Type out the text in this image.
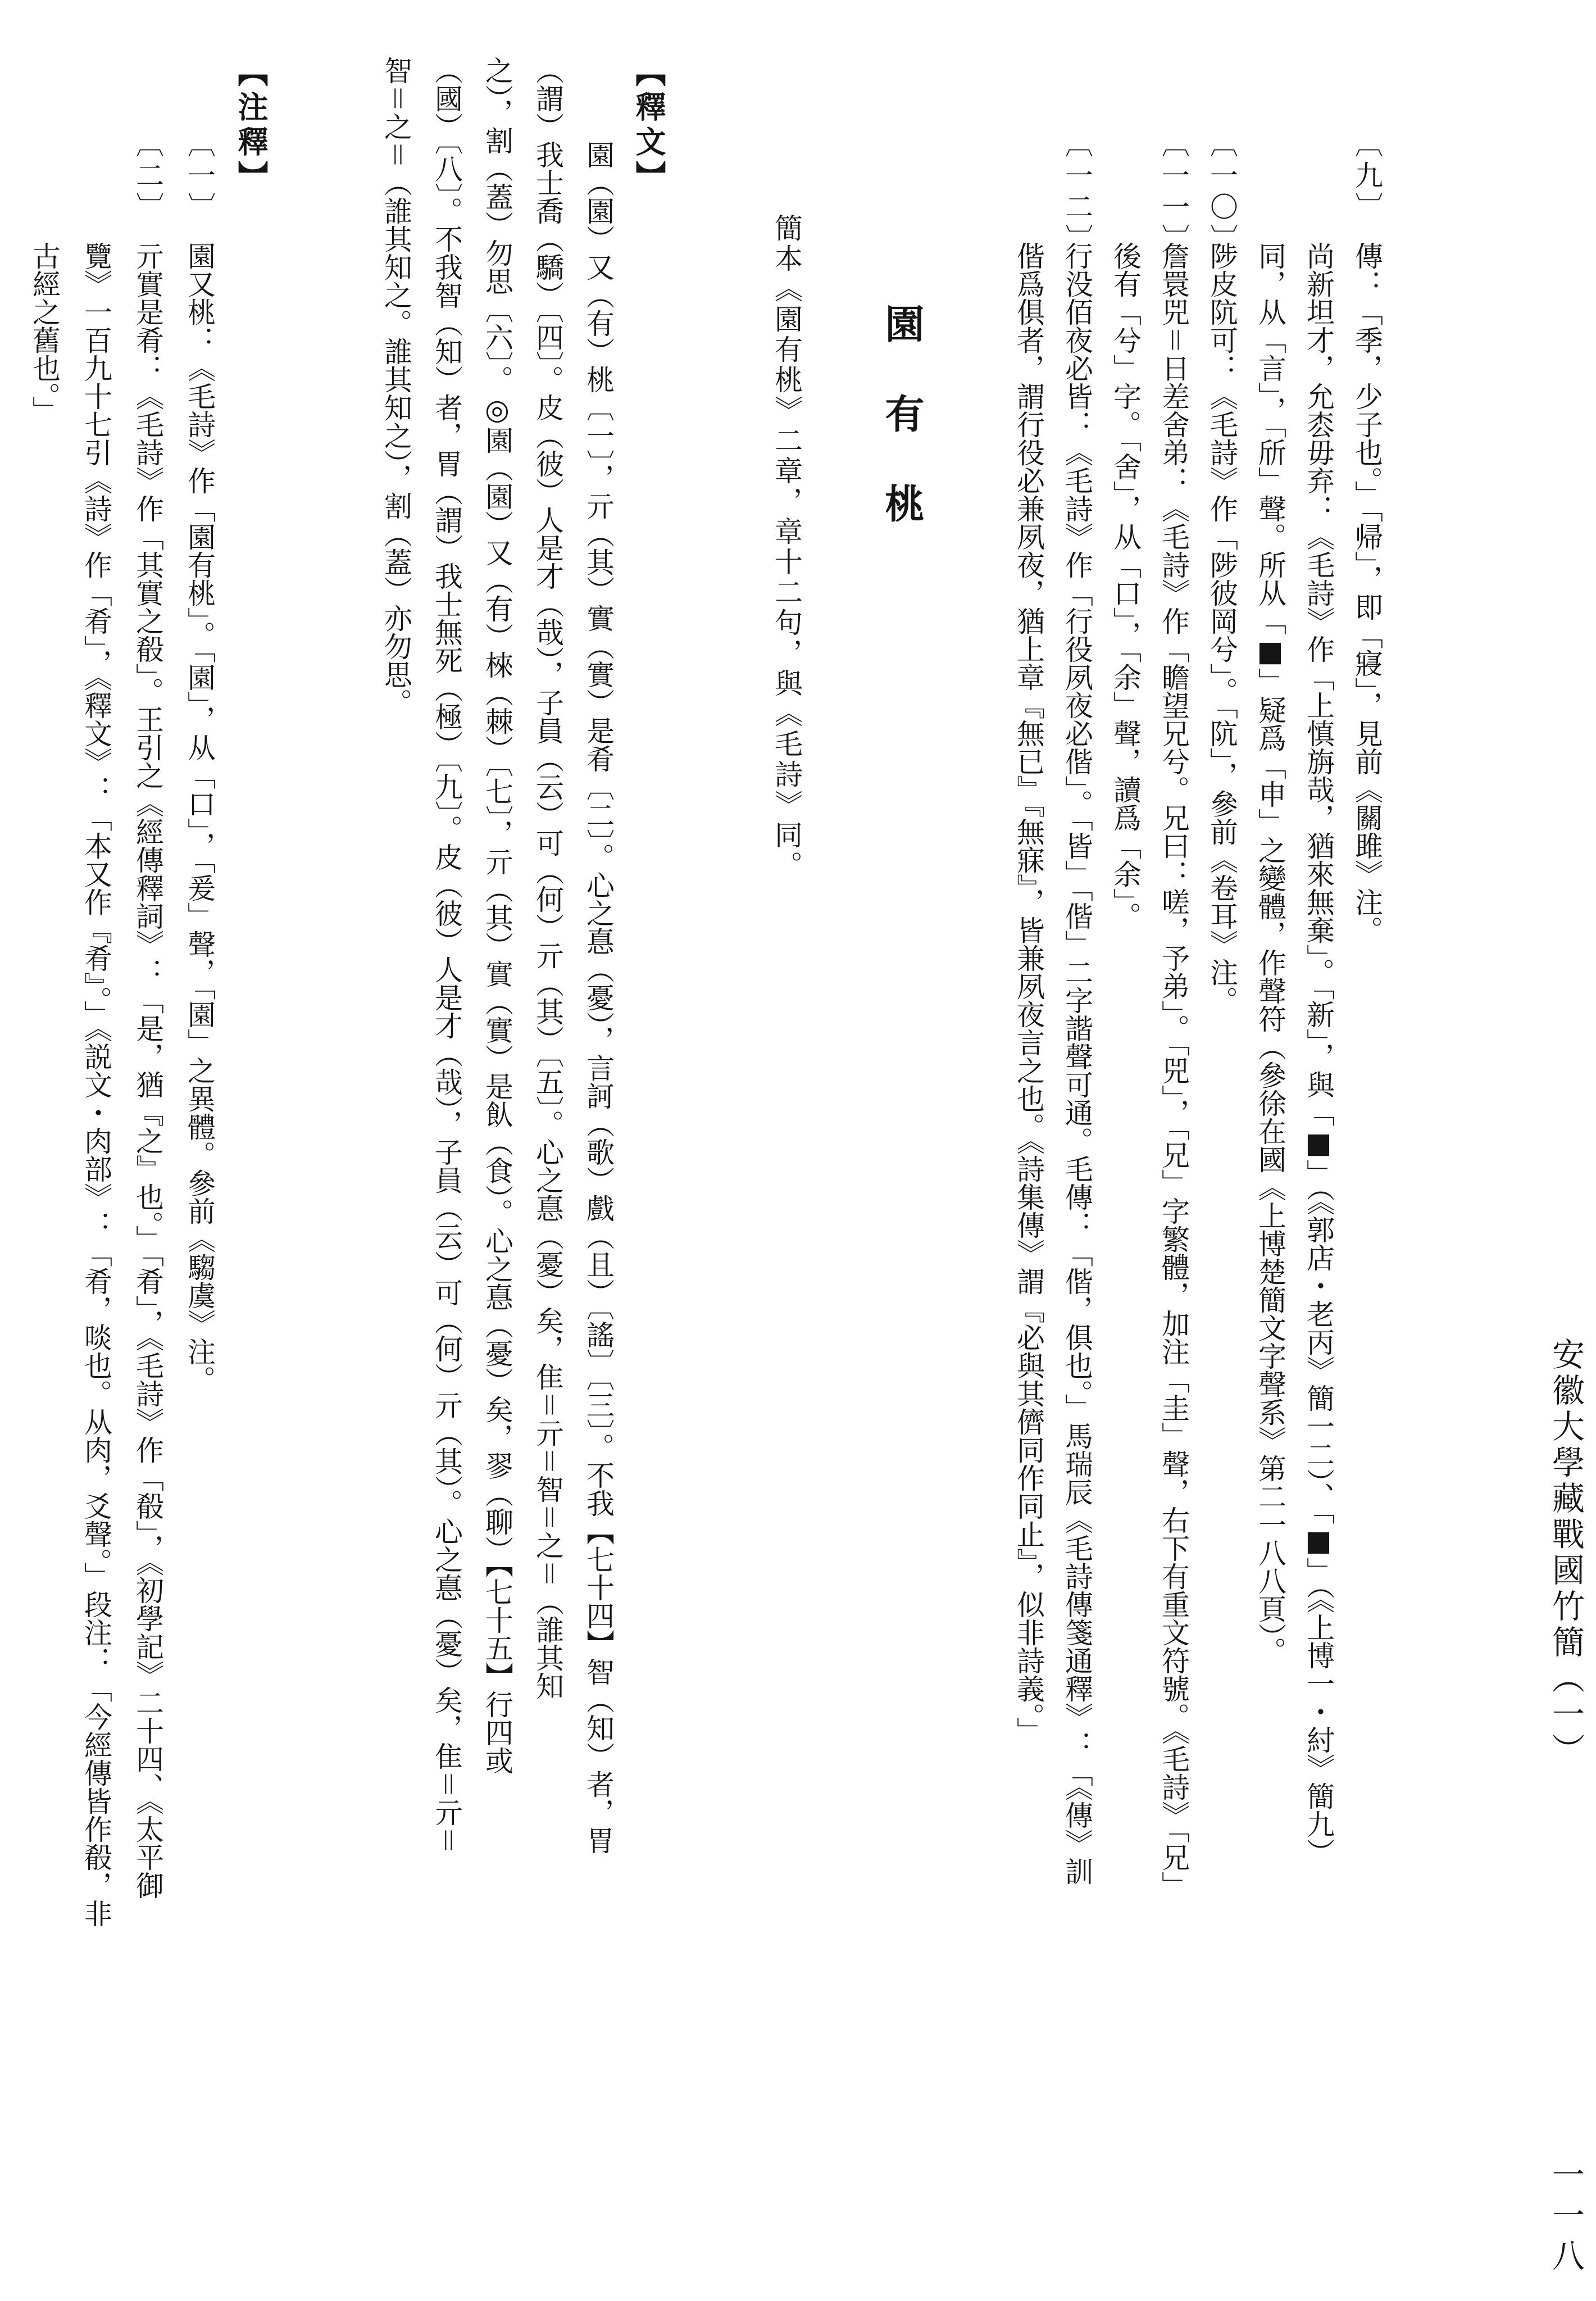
安徽大學藏戰國竹簡（一）
一一八
〔九〕
傳：「季，少子也。」「帰」，即「寢」，見前《關雎》注。
尚新坦才，允枩毋弃：《毛詩》作「上慎旃哉，猶來無棄」。「新」，與「■」（《郭店・老丙》簡一二）、「■」（《上博一・紂》簡九）
同，从「言」，「斦」聲。所从「■」疑爲「申」之變體，作聲符（參徐在國《上博楚簡文字聲系》第二一八八頁）。
〔一〇〕
陟皮阬可：《毛詩》作「陟彼岡兮」。「阬」，參前《卷耳》注。
〔一一〕
詹睘兕＝日差舍弟：《毛詩》作「瞻望兄兮。兄曰：嗟，予弟」。「兕」，「兄」字繁體，加注「圭」聲，右下有重文符號。《毛詩》「兄」
後有「兮」字。「舍」，从「口」，「余」聲，讀爲「余」。
〔一二〕
行没佰夜必皆：《毛詩》作「行役夙夜必偕」。「皆」「偕」二字諧聲可通。毛傳：「偕，俱也。」馬瑞辰《毛詩傳箋通釋》：「《傳》訓
偕爲俱者，謂行役必兼夙夜，猶上章『無已』『無寐』，皆兼夙夜言之也。《詩集傳》謂『必與其儕同作同止』，似非詩義。」
園有桃
簡本《園有桃》二章，章十二句，與《毛詩》同。
【釋文】
　園（園）又（有）桃〔一〕，亓（其）實（實）是肴〔二〕。心之惪（憂），言訶（歌）戲（且）〔謠〕〔三〕。不我【七十四】智（知）者，胃
（謂）我士喬（驕）〔四〕。皮（彼）人是才（哉），子員（云）可（何）亓（其）〔五〕。心之惪（憂）矣，隹＝亓＝智＝之＝（誰其知
之），割（蓋）勿思〔六〕。◎園（園）又（有）棶（棘）〔七〕，亓（其）實（實）是飤（食）。心之惪（憂）矣，翏（聊）【七十五】行四或
（國）〔八〕。不我智（知）者，胃（謂）我士無死（極）〔九〕。皮（彼）人是才（哉），子員（云）可（何）亓（其）。心之惪（憂）矣，隹＝亓＝
智＝之＝（誰其知之。誰其知之），割（蓋）亦勿思。
【注釋】
〔一〕
園又桃：《毛詩》作「園有桃」。「園」，从「口」，「爰」聲，「園」之異體。參前《騶虞》注。
〔二〕
亓實是肴：《毛詩》作「其實之殽」。王引之《經傳釋詞》：「是，猶『之』也。」「肴」，《毛詩》作「殽」，《初學記》二十四、《太平御
覽》一百九十七引《詩》作「肴」，《釋文》：「本又作『肴』。」《説文・肉部》：「肴，啖也。从肉，爻聲。」段注：「今經傳皆作殽，非
古經之舊也。」
